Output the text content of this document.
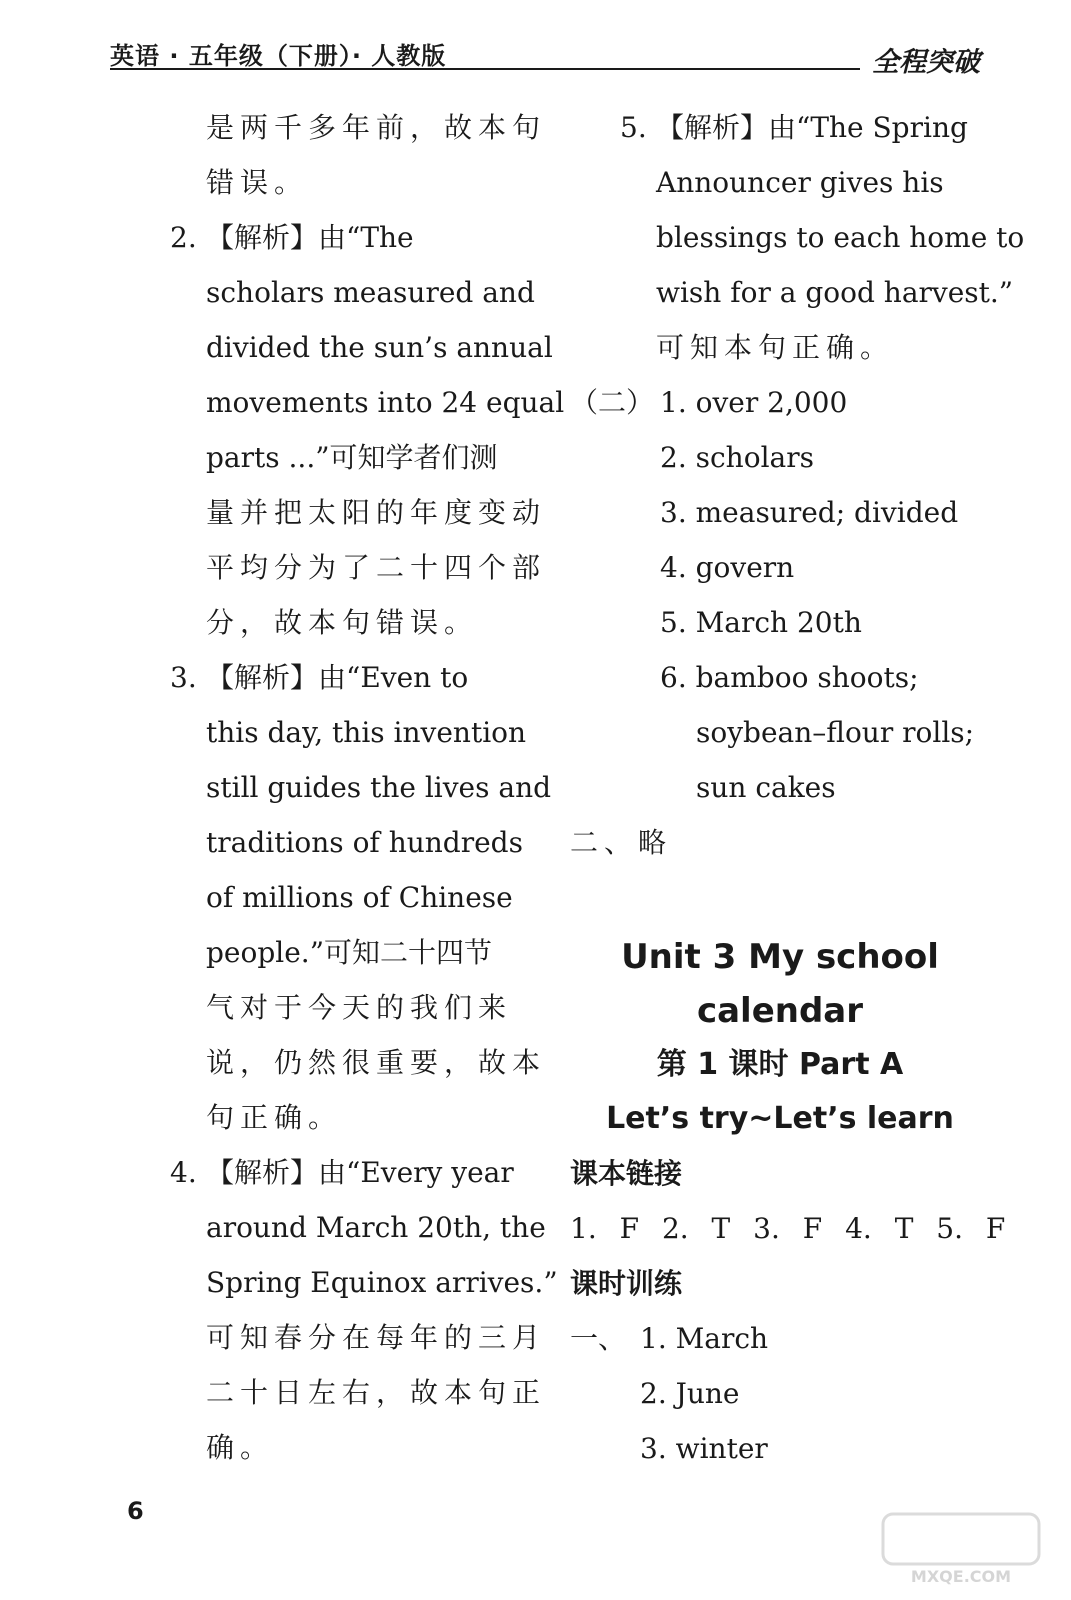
英语 · 五年级（下册）· 人教版	全程突破
是两千多年前，故本句
错误。
2. 【解析】由“The
scholars measured and
divided the sun’s annual
movements into 24 equal
parts ...”可知学者们测
量并把太阳的年度变动
平均分为了二十四个部
分，故本句错误。
3. 【解析】由“Even to
this day, this invention
still guides the lives and
traditions of hundreds
of millions of Chinese
people.”可知二十四节
气对于今天的我们来
说，仍然很重要，故本
句正确。
4. 【解析】由“Every year
around March 20th, the
Spring Equinox arrives.”
可知春分在每年的三月
二十日左右，故本句正
确。
5. 【解析】由“The Spring
Announcer gives his
blessings to each home to
wish for a good harvest.”
可知本句正确。
（二） 1. over 2,000
2. scholars
3. measured; divided
4. govern
5. March 20th
6. bamboo shoots;
soybean–flour rolls;
sun cakes
二、略
Unit 3 My school
calendar
第 1 课时 Part A
Let’s try~Let’s learn
课本链接
1. F 2. T 3. F 4. T 5. F
课时训练
一、 1. March
2. June
3. winter
6
MXQE.COM
